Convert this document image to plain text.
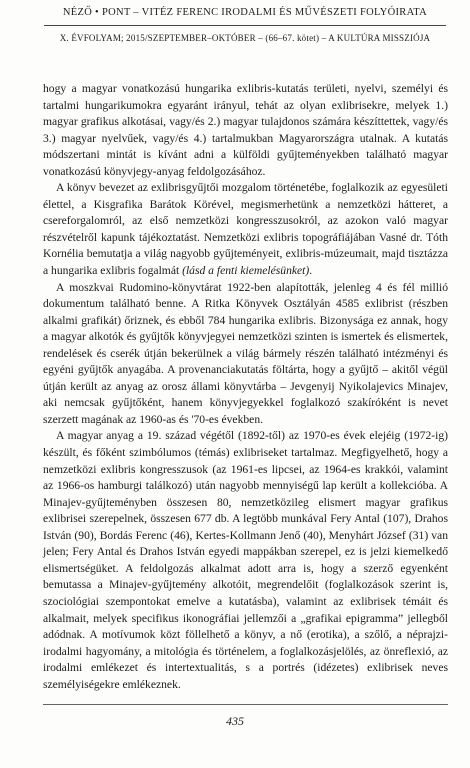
NÉZŐ • PONT – VITÉZ FERENC IRODALMI ÉS MŰVÉSZETI FOLYÓIRATA
X. ÉVFOLYAM; 2015/SZEPTEMBER–OKTÓBER – (66–67. kötet) – A KULTÚRA MISSZIÓJA

hogy a magyar vonatkozású hungarika exlibris-kutatás területi, nyelvi, személyi és tartalmi hungarikumokra egyaránt irányul, tehát az olyan exlibrisekre, melyek 1.) magyar grafikus alkotásai, vagy/és 2.) magyar tulajdonos számára készíttettek, vagy/és 3.) magyar nyelvűek, vagy/és 4.) tartalmukban Magyarországra utalnak. A kutatás módszertani mintát is kívánt adni a külföldi gyűjteményekben található magyar vonatkozású könyvjegy-anyag feldolgozásához.

A könyv bevezet az exlibrisgyűjtői mozgalom történetébe, foglalkozik az egyesületi élettel, a Kisgrafika Barátok Körével, megismerhetünk a nemzetközi hátteret, a csereforgalomról, az első nemzetközi kongresszusokról, az azokon való magyar részvételről kapunk tájékoztatást. Nemzetközi exlibris topográfiájában Vasné dr. Tóth Kornélia bemutatja a világ nagyobb gyűjteményeit, exlibris-múzeumait, majd tisztázza a hungarika exlibris fogalmát (lásd a fenti kiemelésünket).

A moszkvai Rudomino-könyvtárat 1922-ben alapították, jelenleg 4 és fél millió dokumentum található benne. A Ritka Könyvek Osztályán 4585 exlibrist (részben alkalmi grafikát) őriznek, és ebből 784 hungarika exlibris. Bizonyságа ez annak, hogy a magyar alkotók és gyűjtők könyvjegyei nemzetközi szinten is ismertek és elismertek, rendelések és cserék útján bekerülnek a világ bármely részén található intézményi és egyéni gyűjtők anyagába. A provenanciakutatás föltárta, hogy a gyűjtő – akitől végül útján került az anyag az orosz állami könyvtárba – Jevgenyij Nyikolajevics Minajev, aki nemcsak gyűjtőként, hanem könyvjegyekkel foglalkozó szakíróként is nevet szerzett magának az 1960-as és '70-es években.

A magyar anyag a 19. század végétől (1892-től) az 1970-es évek elejéig (1972-ig) készült, és főként szimbólumos (témás) exlibriseket tartalmaz. Megfigyelhető, hogy a nemzetközi exlibris kongresszusok (az 1961-es lipcsei, az 1964-es krakkói, valamint az 1966-os hamburgi találkozó) után nagyobb mennyiségű lap került a kollekcióba. A Minajev-gyűjteményben összesen 80, nemzetközileg elismert magyar grafikus exlibrisei szerepelnek, összesen 677 db. A legtöbb munkával Fery Antal (107), Drahos István (90), Bordás Ferenc (46), Kertes-Kollmann Jenő (40), Menyhárt József (31) van jelen; Fery Antal és Drahos István egyedi mappákban szerepel, ez is jelzi kiemelkedő elismertségüket. A feldolgozás alkalmat adott arra is, hogy a szerző egyenként bemutassa a Minajev-gyűjtemény alkotóit, megrendelőit (foglalkozások szerint is, szociológiai szempontokat emelve a kutatásba), valamint az exlibrisek témáit és alkalmait, melyek specifikus ikonográfiai jellemzői a „grafikai epigramma” jellegből adódnak. A motívumok közt föllelhető a könyv, a nő (erotika), a szőlő, a néprajzi-irodalmi hagyomány, a mitológia és történelem, a foglalkozásjelölés, az önreflexió, az irodalmi emlékezet és intertextualitás, s a portrés (idézetes) exlibrisek neves személyiségekre emlékeznek.

435
